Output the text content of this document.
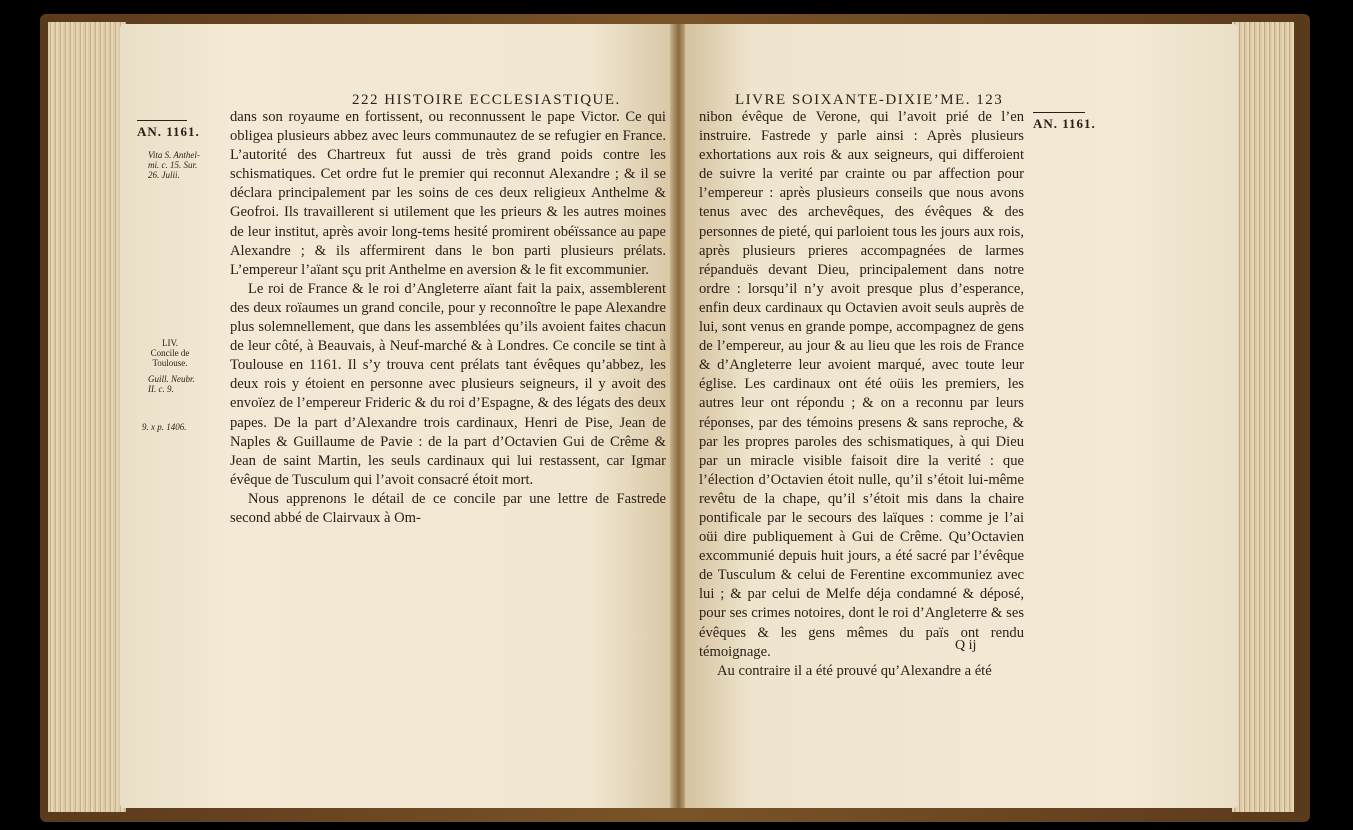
222 HISTOIRE ECCLESIASTIQUE.
AN. 1161.
Vita S. Anthel-
mi. c. 15. Sur.
26. Julii.
LIV.
Concile de
Toulouse.
Guill. Neubr.
II. c. 9.
9. x p. 1406.

dans son royaume en fortissent, ou reconnussent le pape Victor. Ce qui obligea plusieurs abbez avec leurs communautez de se refugier en France. L’autorité des Chartreux fut aussi de très grand poids contre les schismatiques. Cet ordre fut le premier qui reconnut Alexandre ; & il se déclara principalement par les soins de ces deux religieux Anthelme & Geofroi. Ils travaillerent si utilement que les prieurs & les autres moines de leur institut, après avoir long-tems hesité promirent obéïssance au pape Alexandre ; & ils affermirent dans le bon parti plusieurs prélats. L’empereur l’aïant sçu prit Anthelme en aversion & le fit excommunier.

Le roi de France & le roi d’Angleterre aïant fait la paix, assemblerent des deux roïaumes un grand concile, pour y reconnoître le pape Alexandre plus solemnellement, que dans les assemblées qu’ils avoient faites chacun de leur côté, à Beauvais, à Neuf-marché & à Londres. Ce concile se tint à Toulouse en 1161. Il s’y trouva cent prélats tant évêques qu’abbez, les deux rois y étoient en personne avec plusieurs seigneurs, il y avoit des envoïez de l’empereur Frideric & du roi d’Espagne, & des légats des deux papes. De la part d’Alexandre trois cardinaux, Henri de Pise, Jean de Naples & Guillaume de Pavie : de la part d’Octavien Gui de Crême & Jean de saint Martin, les seuls cardinaux qui lui restassent, car Igmar évêque de Tusculum qui l’avoit consacré étoit mort.

Nous apprenons le détail de ce concile par une lettre de Fastrede second abbé de Clairvaux à Om-

LIVRE SOIXANTE-DIXIE’ME. 123
AN. 1161.

nibon évêque de Verone, qui l’avoit prié de l’en instruire. Fastrede y parle ainsi : Après plusieurs exhortations aux rois & aux seigneurs, qui differoient de suivre la verité par crainte ou par affection pour l’empereur : après plusieurs conseils que nous avons tenus avec des archevêques, des évêques & des personnes de pieté, qui parloient tous les jours aux rois, après plusieurs prieres accompagnées de larmes répanduës devant Dieu, principalement dans notre ordre : lorsqu’il n’y avoit presque plus d’esperance, enfin deux cardinaux qu Octavien avoit seuls auprès de lui, sont venus en grande pompe, accompagnez de gens de l’empereur, au jour & au lieu que les rois de France & d’Angleterre leur avoient marqué, avec toute leur église. Les cardinaux ont été oüis les premiers, les autres leur ont répondu ; & on a reconnu par leurs réponses, par des témoins presens & sans reproche, & par les propres paroles des schismatiques, à qui Dieu par un miracle visible faisoit dire la verité : que l’élection d’Octavien étoit nulle, qu’il s’étoit lui-même revêtu de la chape, qu’il s’étoit mis dans la chaire pontificale par le secours des laïques : comme je l’ai oüi dire publiquement à Gui de Crême. Qu’Octavien excommunié depuis huit jours, a été sacré par l’évêque de Tusculum & celui de Ferentine excommuniez avec lui ; & par celui de Melfe déja condamné & déposé, pour ses crimes notoires, dont le roi d’Angleterre & ses évêques & les gens mêmes du païs ont rendu témoignage.

Au contraire il a été prouvé qu’Alexandre a été

Q ij
